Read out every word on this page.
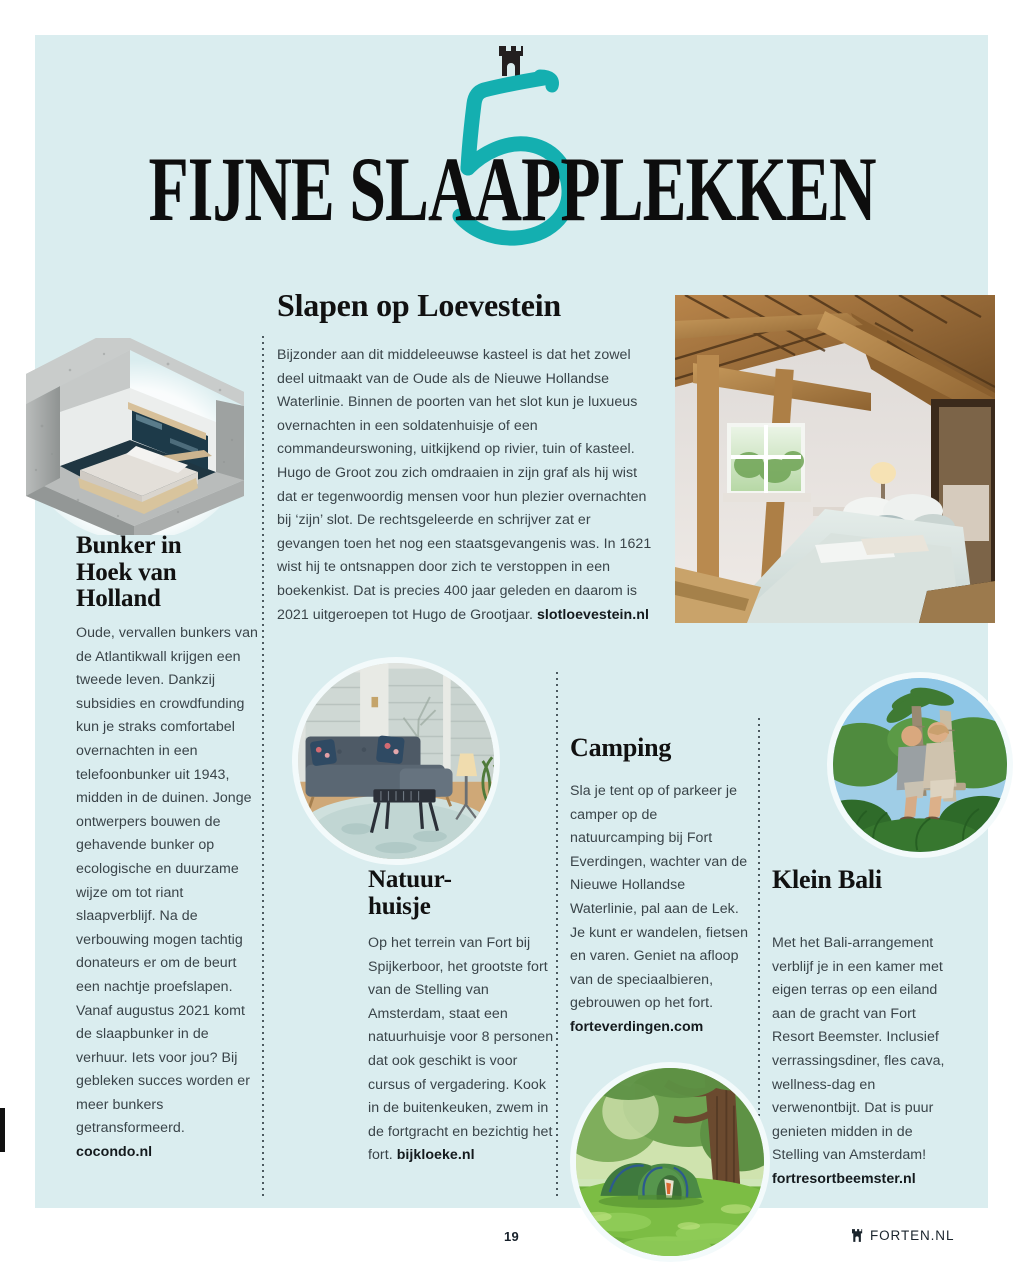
FIJNE SLAAPPLEKKEN
Bunker in
Hoek van
Holland
Oude, vervallen bunkers van de Atlantikwall krijgen een tweede leven. Dankzij subsidies en crowdfunding kun je straks comfortabel overnachten in een telefoonbunker uit 1943, midden in de duinen. Jonge ontwerpers bouwen de gehavende bunker op ecologische en duurzame wijze om tot riant slaapverblijf. Na de verbouwing mogen tachtig donateurs er om de beurt een nachtje proefslapen. Vanaf augustus 2021 komt de slaapbunker in de verhuur. Iets voor jou? Bij gebleken succes worden er meer bunkers getransformeerd. cocondo.nl
Slapen op Loevestein
Bijzonder aan dit middeleeuwse kasteel is dat het zowel deel uitmaakt van de Oude als de Nieuwe Hollandse Waterlinie. Binnen de poorten van het slot kun je luxueus overnachten in een soldatenhuisje of een commandeurswoning, uitkijkend op rivier, tuin of kasteel. Hugo de Groot zou zich omdraaien in zijn graf als hij wist dat er tegenwoordig mensen voor hun plezier overnachten bij ‘zijn’ slot. De rechtsgeleerde en schrijver zat er gevangen toen het nog een staatsgevangenis was. In 1621 wist hij te ontsnappen door zich te verstoppen in een boekenkist. Dat is precies 400 jaar geleden en daarom is 2021 uitgeroepen tot Hugo de Grootjaar. slotloevestein.nl
Natuur-
huisje
Op het terrein van Fort bij Spijkerboor, het grootste fort van de Stelling van Amsterdam, staat een natuurhuisje voor 8 personen dat ook geschikt is voor cursus of vergadering. Kook in de buitenkeuken, zwem in de fortgracht en bezichtig het fort. bijkloeke.nl
Camping
Sla je tent op of parkeer je camper op de natuurcamping bij Fort Everdingen, wachter van de Nieuwe Hollandse Waterlinie, pal aan de Lek. Je kunt er wandelen, fietsen en varen. Geniet na afloop van de speciaalbieren, gebrouwen op het fort. forteverdingen.com
Klein Bali
Met het Bali-arrangement verblijf je in een kamer met eigen terras op een eiland aan de gracht van Fort Resort Beemster. Inclusief verrassingsdiner, fles cava, wellness-dag en verwenontbijt. Dat is puur genieten midden in de Stelling van Amsterdam! fortresortbeemster.nl
19	FORTEN.NL
